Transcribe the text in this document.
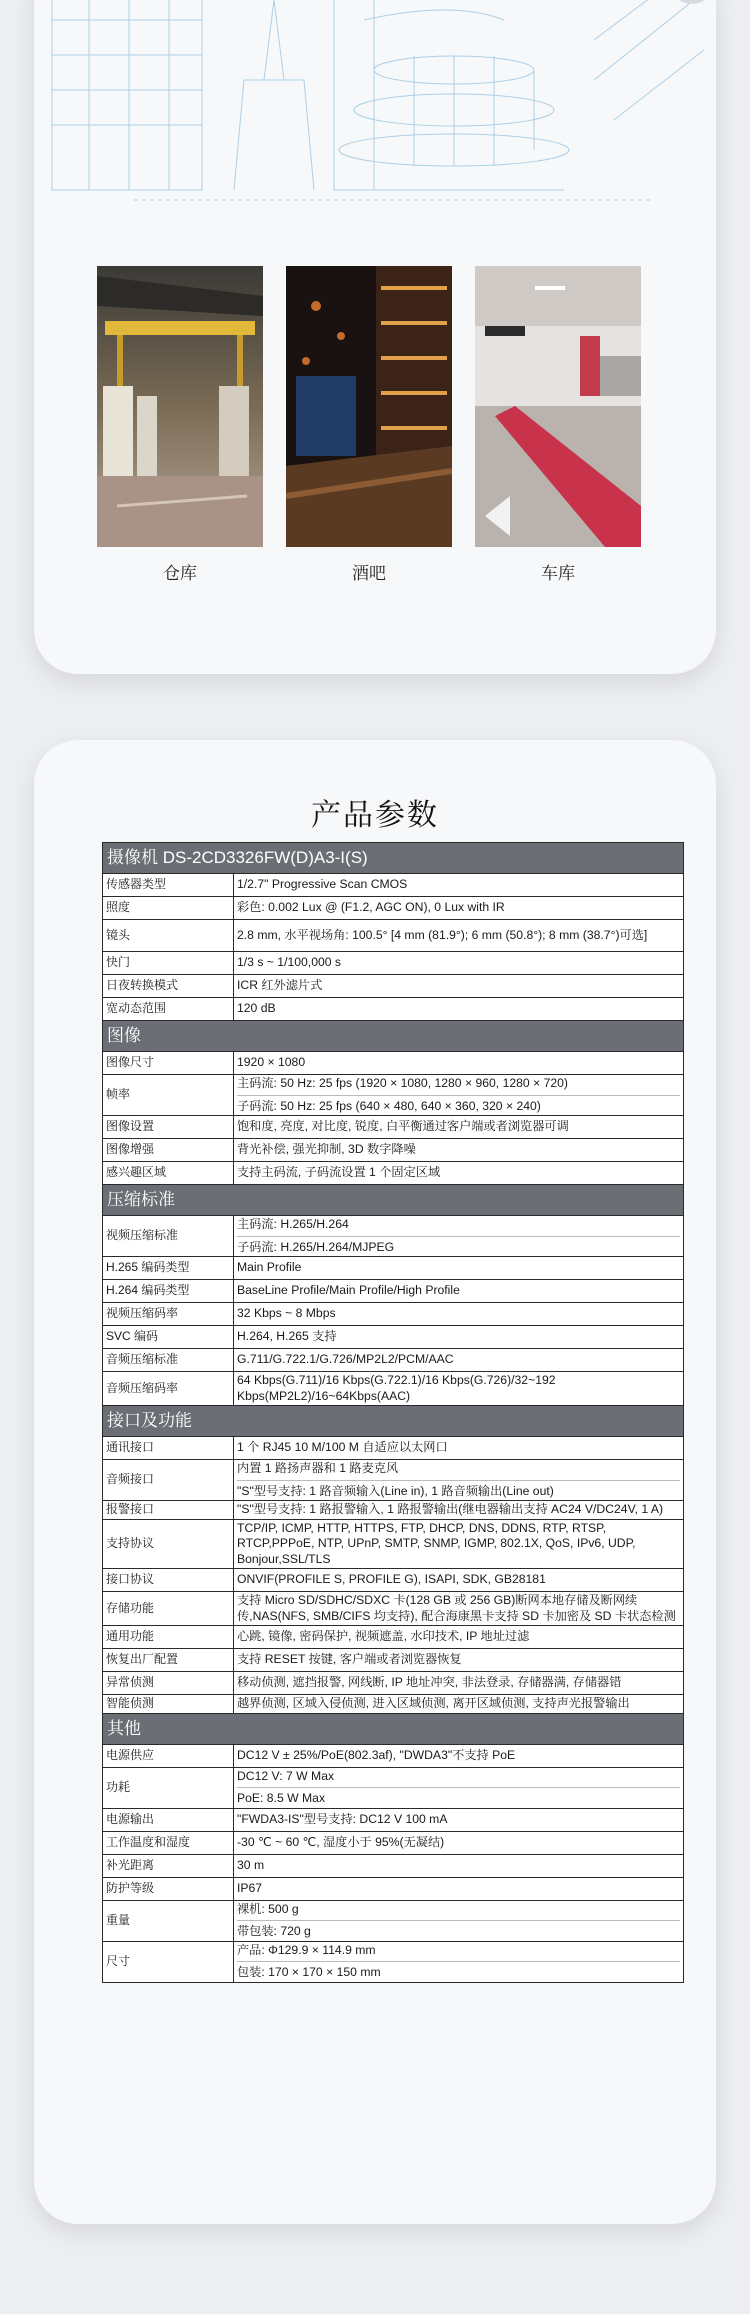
仓库	酒吧	车库
产品参数
摄像机 DS-2CD3326FW(D)A3-I(S)	
传感器类型	1/2.7" Progressive Scan CMOS
照度	彩色: 0.002 Lux @ (F1.2, AGC ON), 0 Lux with IR
镜头	2.8 mm, 水平视场角: 100.5° [4 mm (81.9°); 6 mm (50.8°); 8 mm (38.7°)可选]
快门	1/3 s ~ 1/100,000 s
日夜转换模式	ICR 红外滤片式
宽动态范围	120 dB
图像	
图像尺寸	1920 × 1080
帧率	主码流: 50 Hz: 25 fps (1920 × 1080, 1280 × 960, 1280 × 720)
子码流: 50 Hz: 25 fps (640 × 480, 640 × 360, 320 × 240)

图像设置	饱和度, 亮度, 对比度, 锐度, 白平衡通过客户端或者浏览器可调
图像增强	背光补偿, 强光抑制, 3D 数字降噪
感兴趣区域	支持主码流, 子码流设置 1 个固定区域
压缩标准	
视频压缩标准	主码流: H.265/H.264
子码流: H.265/H.264/MJPEG

H.265 编码类型	Main Profile
H.264 编码类型	BaseLine Profile/Main Profile/High Profile
视频压缩码率	32 Kbps ~ 8 Mbps
SVC 编码	H.264, H.265 支持
音频压缩标准	G.711/G.722.1/G.726/MP2L2/PCM/AAC
音频压缩码率	64 Kbps(G.711)/16 Kbps(G.722.1)/16 Kbps(G.726)/32~192 Kbps(MP2L2)/16~64Kbps(AAC)
接口及功能	
通讯接口	1 个 RJ45 10 M/100 M 自适应以太网口
音频接口	内置 1 路扬声器和 1 路麦克风
"S"型号支持: 1 路音频输入(Line in), 1 路音频输出(Line out)

报警接口	"S"型号支持: 1 路报警输入, 1 路报警输出(继电器输出支持 AC24 V/DC24V, 1 A)
支持协议	TCP/IP, ICMP, HTTP, HTTPS, FTP, DHCP, DNS, DDNS, RTP, RTSP, RTCP,PPPoE, NTP, UPnP, SMTP, SNMP, IGMP, 802.1X, QoS, IPv6, UDP, Bonjour,SSL/TLS
接口协议	ONVIF(PROFILE S, PROFILE G), ISAPI, SDK, GB28181
存储功能	支持 Micro SD/SDHC/SDXC 卡(128 GB 或 256 GB)断网本地存储及断网续传,NAS(NFS, SMB/CIFS 均支持), 配合海康黑卡支持 SD 卡加密及 SD 卡状态检测
通用功能	心跳, 镜像, 密码保护, 视频遮盖, 水印技术, IP 地址过滤
恢复出厂配置	支持 RESET 按键, 客户端或者浏览器恢复
异常侦测	移动侦测, 遮挡报警, 网线断, IP 地址冲突, 非法登录, 存储器满, 存储器错
智能侦测	越界侦测, 区域入侵侦测, 进入区域侦测, 离开区域侦测, 支持声光报警输出
其他	
电源供应	DC12 V ± 25%/PoE(802.3af), "DWDA3"不支持 PoE
功耗	DC12 V: 7 W Max
PoE: 8.5 W Max

电源输出	"FWDA3-IS"型号支持: DC12 V 100 mA
工作温度和湿度	-30 ℃ ~ 60 ℃, 湿度小于 95%(无凝结)
补光距离	30 m
防护等级	IP67
重量	裸机: 500 g
带包装: 720 g

尺寸	产品: Φ129.9 × 114.9 mm
包装: 170 × 170 × 150 mm
